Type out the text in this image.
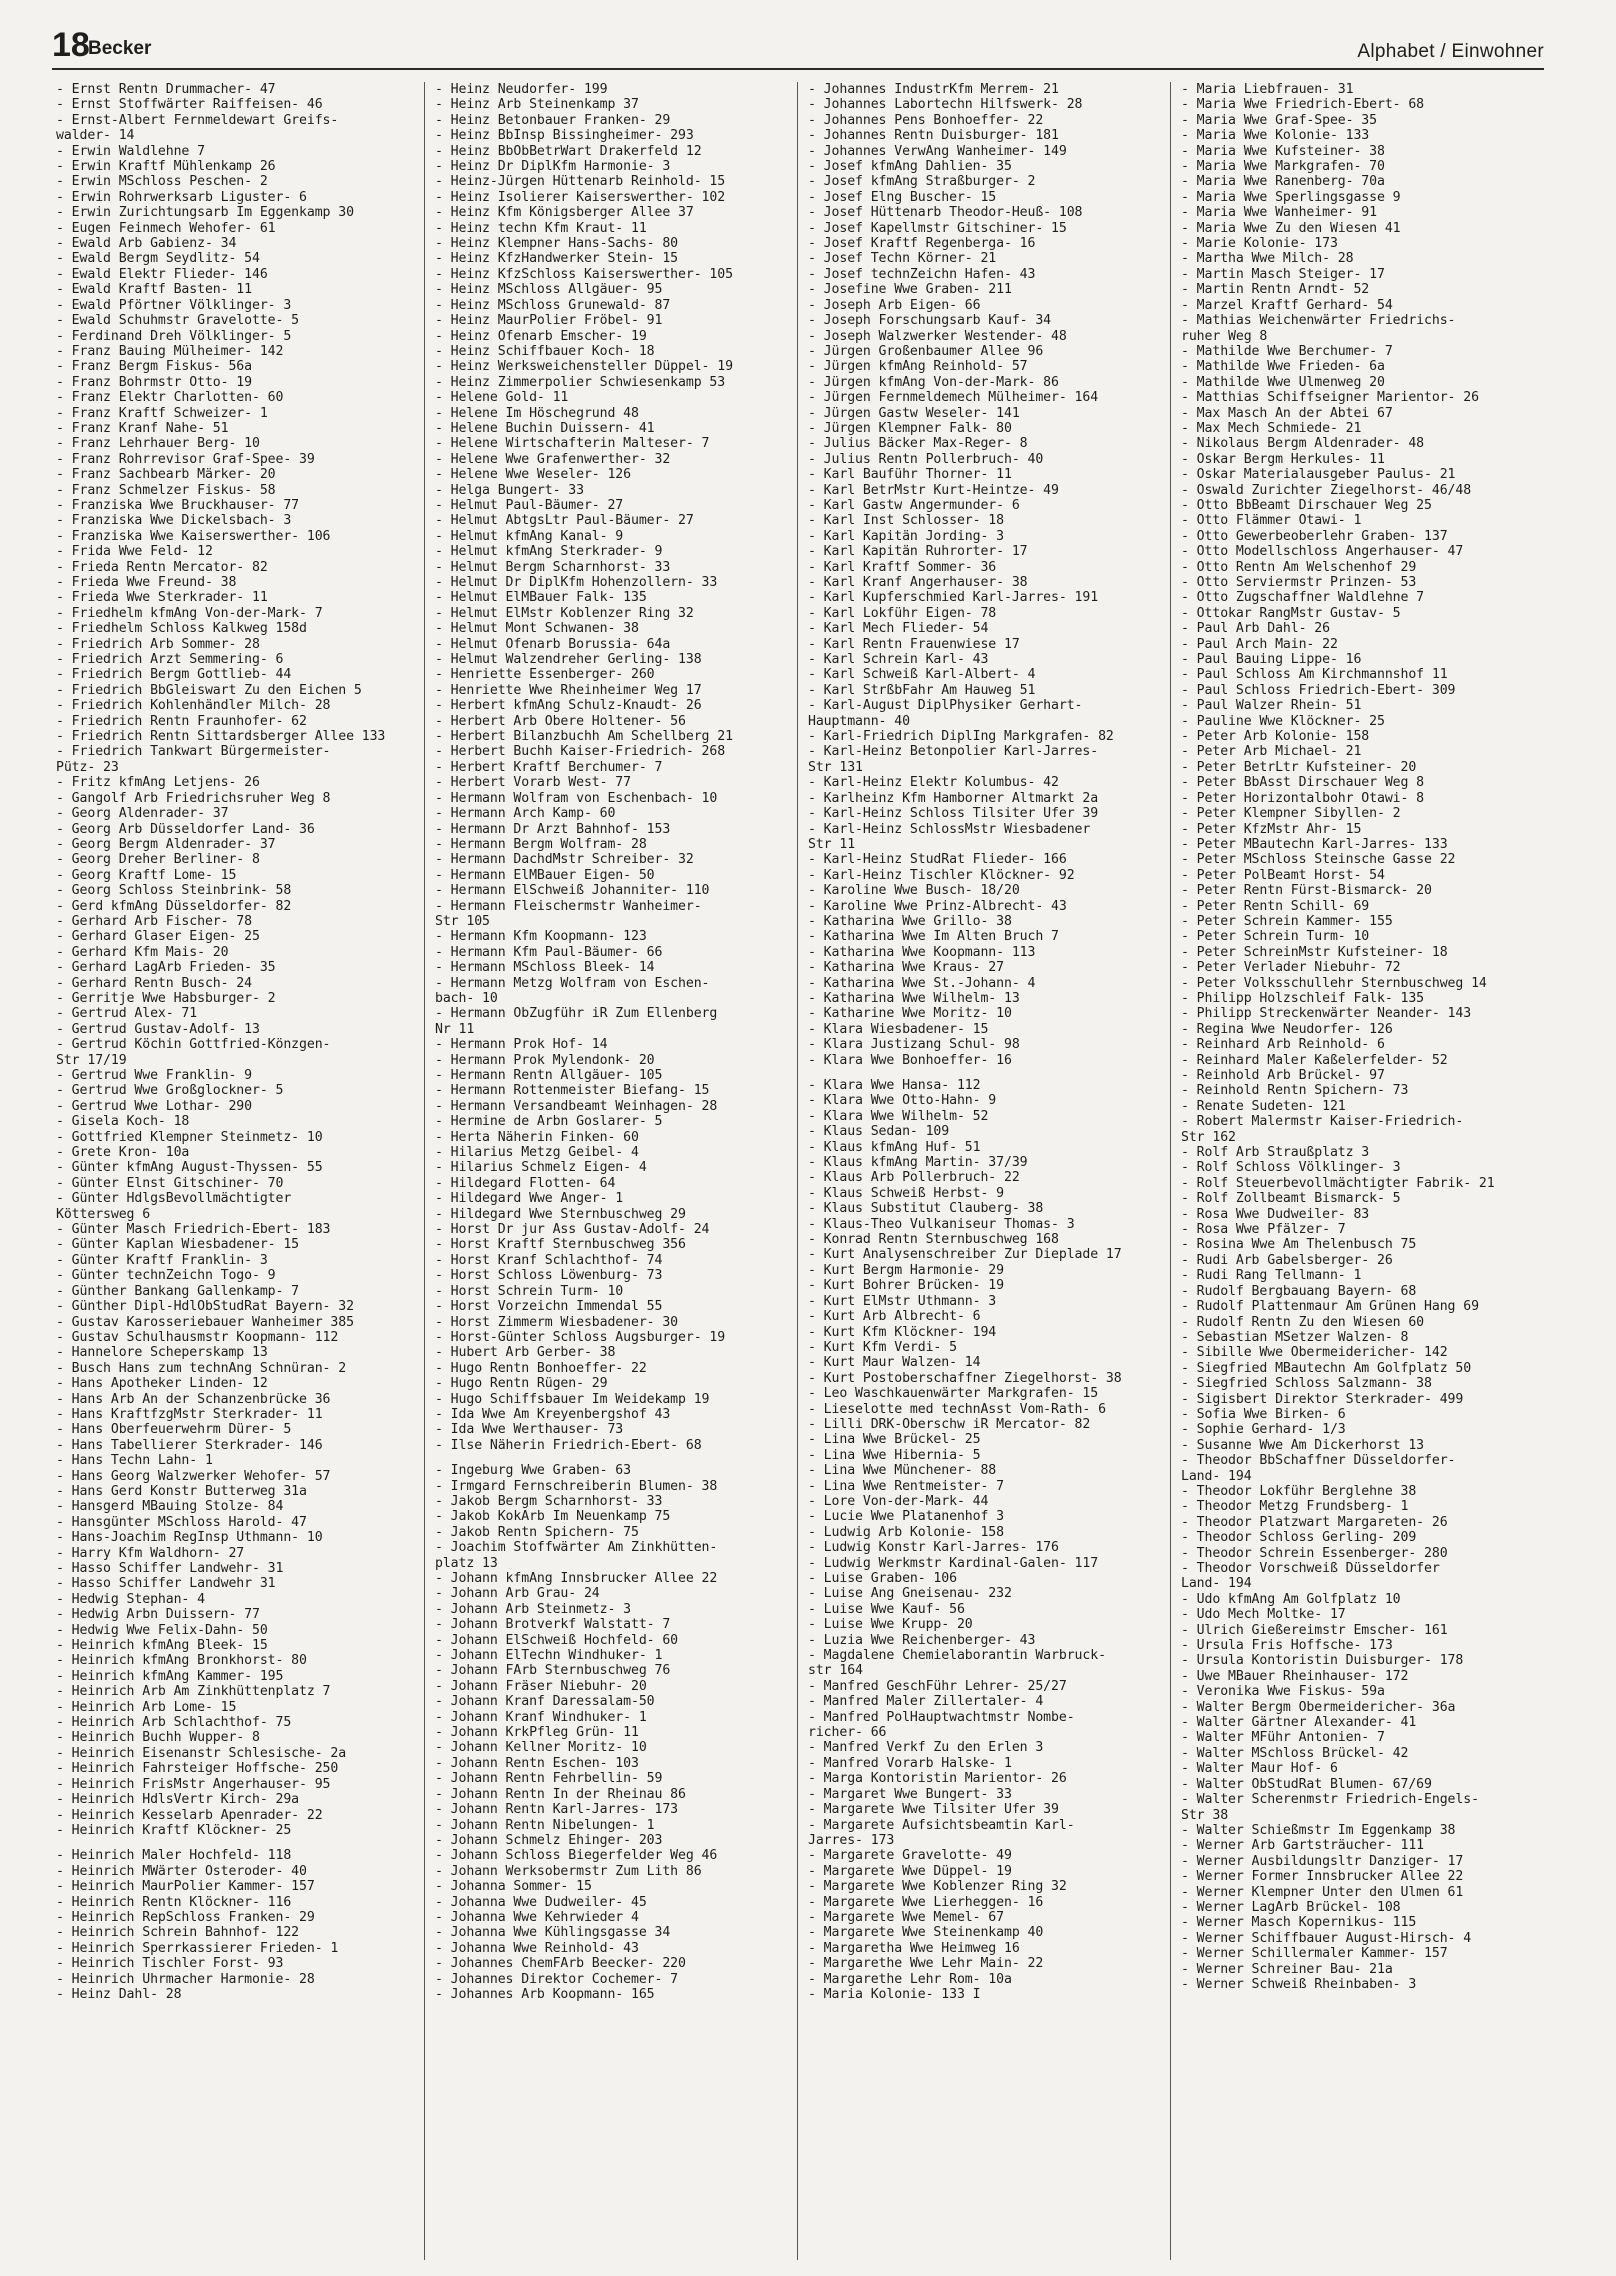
18
Becker	Alphabet / Einwohner
- Ernst Rentn Drummacher- 47
- Ernst Stoffwärter Raiffeisen- 46
- Ernst-Albert Fernmeldewart Greifs-
walder- 14
- Erwin Waldlehne 7
- Erwin Kraftf Mühlenkamp 26
- Erwin MSchloss Peschen- 2
- Erwin Rohrwerksarb Liguster- 6
- Erwin Zurichtungsarb Im Eggenkamp 30
- Eugen Feinmech Wehofer- 61
- Ewald Arb Gabienz- 34
- Ewald Bergm Seydlitz- 54
- Ewald Elektr Flieder- 146
- Ewald Kraftf Basten- 11
- Ewald Pförtner Völklinger- 3
- Ewald Schuhmstr Gravelotte- 5
- Ferdinand Dreh Völklinger- 5
- Franz Bauing Mülheimer- 142
- Franz Bergm Fiskus- 56a
- Franz Bohrmstr Otto- 19
- Franz Elektr Charlotten- 60
- Franz Kraftf Schweizer- 1
- Franz Kranf Nahe- 51
- Franz Lehrhauer Berg- 10
- Franz Rohrrevisor Graf-Spee- 39
- Franz Sachbearb Märker- 20
- Franz Schmelzer Fiskus- 58
- Franziska Wwe Bruckhauser- 77
- Franziska Wwe Dickelsbach- 3
- Franziska Wwe Kaiserswerther- 106
- Frida Wwe Feld- 12
- Frieda Rentn Mercator- 82
- Frieda Wwe Freund- 38
- Frieda Wwe Sterkrader- 11
- Friedhelm kfmAng Von-der-Mark- 7
- Friedhelm Schloss Kalkweg 158d
- Friedrich Arb Sommer- 28
- Friedrich Arzt Semmering- 6
- Friedrich Bergm Gottlieb- 44
- Friedrich BbGleiswart Zu den Eichen 5
- Friedrich Kohlenhändler Milch- 28
- Friedrich Rentn Fraunhofer- 62
- Friedrich Rentn Sittardsberger Allee 133
- Friedrich Tankwart Bürgermeister-
Pütz- 23
- Fritz kfmAng Letjens- 26
- Gangolf Arb Friedrichsruher Weg 8
- Georg Aldenrader- 37
- Georg Arb Düsseldorfer Land- 36
- Georg Bergm Aldenrader- 37
- Georg Dreher Berliner- 8
- Georg Kraftf Lome- 15
- Georg Schloss Steinbrink- 58
- Gerd kfmAng Düsseldorfer- 82
- Gerhard Arb Fischer- 78
- Gerhard Glaser Eigen- 25
- Gerhard Kfm Mais- 20
- Gerhard LagArb Frieden- 35
- Gerhard Rentn Busch- 24
- Gerritje Wwe Habsburger- 2
- Gertrud Alex- 71
- Gertrud Gustav-Adolf- 13
- Gertrud Köchin Gottfried-Könzgen-
Str 17/19
- Gertrud Wwe Franklin- 9
- Gertrud Wwe Großglockner- 5
- Gertrud Wwe Lothar- 290
- Gisela Koch- 18
- Gottfried Klempner Steinmetz- 10
- Grete Kron- 10a
- Günter kfmAng August-Thyssen- 55
- Günter Elnst Gitschiner- 70
- Günter HdlgsBevollmächtigter
Köttersweg 6
- Günter Masch Friedrich-Ebert- 183
- Günter Kaplan Wiesbadener- 15
- Günter Kraftf Franklin- 3
- Günter technZeichn Togo- 9
- Günther Bankang Gallenkamp- 7
- Günther Dipl-HdlObStudRat Bayern- 32
- Gustav Karosseriebauer Wanheimer 385
- Gustav Schulhausmstr Koopmann- 112
- Hannelore Scheperskamp 13
- Busch Hans zum technAng Schnüran- 2
- Hans Apotheker Linden- 12
- Hans Arb An der Schanzenbrücke 36
- Hans KraftfzgMstr Sterkrader- 11
- Hans Oberfeuerwehrm Dürer- 5
- Hans Tabellierer Sterkrader- 146
- Hans Techn Lahn- 1
- Hans Georg Walzwerker Wehofer- 57
- Hans Gerd Konstr Butterweg 31a
- Hansgerd MBauing Stolze- 84
- Hansgünter MSchloss Harold- 47
- Hans-Joachim RegInsp Uthmann- 10
- Harry Kfm Waldhorn- 27
- Hasso Schiffer Landwehr- 31
- Hasso Schiffer Landwehr 31
- Hedwig Stephan- 4
- Hedwig Arbn Duissern- 77
- Hedwig Wwe Felix-Dahn- 50
- Heinrich kfmAng Bleek- 15
- Heinrich kfmAng Bronkhorst- 80
- Heinrich kfmAng Kammer- 195
- Heinrich Arb Am Zinkhüttenplatz 7
- Heinrich Arb Lome- 15
- Heinrich Arb Schlachthof- 75
- Heinrich Buchh Wupper- 8
- Heinrich Eisenanstr Schlesische- 2a
- Heinrich Fahrsteiger Hoffsche- 250
- Heinrich FrisMstr Angerhauser- 95
- Heinrich HdlsVertr Kirch- 29a
- Heinrich Kesselarb Apenrader- 22
- Heinrich Kraftf Klöckner- 25
- Heinrich Maler Hochfeld- 118
- Heinrich MWärter Osteroder- 40
- Heinrich MaurPolier Kammer- 157
- Heinrich Rentn Klöckner- 116
- Heinrich RepSchloss Franken- 29
- Heinrich Schrein Bahnhof- 122
- Heinrich Sperrkassierer Frieden- 1
- Heinrich Tischler Forst- 93
- Heinrich Uhrmacher Harmonie- 28
- Heinz Dahl- 28
- Heinz Neudorfer- 199
- Heinz Arb Steinenkamp 37
- Heinz Betonbauer Franken- 29
- Heinz BbInsp Bissingheimer- 293
- Heinz BbObBetrWart Drakerfeld 12
- Heinz Dr DiplKfm Harmonie- 3
- Heinz-Jürgen Hüttenarb Reinhold- 15
- Heinz Isolierer Kaiserswerther- 102
- Heinz Kfm Königsberger Allee 37
- Heinz techn Kfm Kraut- 11
- Heinz Klempner Hans-Sachs- 80
- Heinz KfzHandwerker Stein- 15
- Heinz KfzSchloss Kaiserswerther- 105
- Heinz MSchloss Allgäuer- 95
- Heinz MSchloss Grunewald- 87
- Heinz MaurPolier Fröbel- 91
- Heinz Ofenarb Emscher- 19
- Heinz Schiffbauer Koch- 18
- Heinz Werksweichensteller Düppel- 19
- Heinz Zimmerpolier Schwiesenkamp 53
- Helene Gold- 11
- Helene Im Höschegrund 48
- Helene Buchin Duissern- 41
- Helene Wirtschafterin Malteser- 7
- Helene Wwe Grafenwerther- 32
- Helene Wwe Weseler- 126
- Helga Bungert- 33
- Helmut Paul-Bäumer- 27
- Helmut AbtgsLtr Paul-Bäumer- 27
- Helmut kfmAng Kanal- 9
- Helmut kfmAng Sterkrader- 9
- Helmut Bergm Scharnhorst- 33
- Helmut Dr DiplKfm Hohenzollern- 33
- Helmut ElMBauer Falk- 135
- Helmut ElMstr Koblenzer Ring 32
- Helmut Mont Schwanen- 38
- Helmut Ofenarb Borussia- 64a
- Helmut Walzendreher Gerling- 138
- Henriette Essenberger- 260
- Henriette Wwe Rheinheimer Weg 17
- Herbert kfmAng Schulz-Knaudt- 26
- Herbert Arb Obere Holtener- 56
- Herbert Bilanzbuchh Am Schellberg 21
- Herbert Buchh Kaiser-Friedrich- 268
- Herbert Kraftf Berchumer- 7
- Herbert Vorarb West- 77
- Hermann Wolfram von Eschenbach- 10
- Hermann Arch Kamp- 60
- Hermann Dr Arzt Bahnhof- 153
- Hermann Bergm Wolfram- 28
- Hermann DachdMstr Schreiber- 32
- Hermann ElMBauer Eigen- 50
- Hermann ElSchweiß Johanniter- 110
- Hermann Fleischermstr Wanheimer-
Str 105
- Hermann Kfm Koopmann- 123
- Hermann Kfm Paul-Bäumer- 66
- Hermann MSchloss Bleek- 14
- Hermann Metzg Wolfram von Eschen-
bach- 10
- Hermann ObZugführ iR Zum Ellenberg
Nr 11
- Hermann Prok Hof- 14
- Hermann Prok Mylendonk- 20
- Hermann Rentn Allgäuer- 105
- Hermann Rottenmeister Biefang- 15
- Hermann Versandbeamt Weinhagen- 28
- Hermine de Arbn Goslarer- 5
- Herta Näherin Finken- 60
- Hilarius Metzg Geibel- 4
- Hilarius Schmelz Eigen- 4
- Hildegard Flotten- 64
- Hildegard Wwe Anger- 1
- Hildegard Wwe Sternbuschweg 29
- Horst Dr jur Ass Gustav-Adolf- 24
- Horst Kraftf Sternbuschweg 356
- Horst Kranf Schlachthof- 74
- Horst Schloss Löwenburg- 73
- Horst Schrein Turm- 10
- Horst Vorzeichn Immendal 55
- Horst Zimmerm Wiesbadener- 30
- Horst-Günter Schloss Augsburger- 19
- Hubert Arb Gerber- 38
- Hugo Rentn Bonhoeffer- 22
- Hugo Rentn Rügen- 29
- Hugo Schiffsbauer Im Weidekamp 19
- Ida Wwe Am Kreyenbergshof 43
- Ida Wwe Werthauser- 73
- Ilse Näherin Friedrich-Ebert- 68
- Ingeburg Wwe Graben- 63
- Irmgard Fernschreiberin Blumen- 38
- Jakob Bergm Scharnhorst- 33
- Jakob KokArb Im Neuenkamp 75
- Jakob Rentn Spichern- 75
- Joachim Stoffwärter Am Zinkhütten-
platz 13
- Johann kfmAng Innsbrucker Allee 22
- Johann Arb Grau- 24
- Johann Arb Steinmetz- 3
- Johann Brotverkf Walstatt- 7
- Johann ElSchweiß Hochfeld- 60
- Johann ElTechn Windhuker- 1
- Johann FArb Sternbuschweg 76
- Johann Fräser Niebuhr- 20
- Johann Kranf Daressalam-50
- Johann Kranf Windhuker- 1
- Johann KrkPfleg Grün- 11
- Johann Kellner Moritz- 10
- Johann Rentn Eschen- 103
- Johann Rentn Fehrbellin- 59
- Johann Rentn In der Rheinau 86
- Johann Rentn Karl-Jarres- 173
- Johann Rentn Nibelungen- 1
- Johann Schmelz Ehinger- 203
- Johann Schloss Biegerfelder Weg 46
- Johann Werksobermstr Zum Lith 86
- Johanna Sommer- 15
- Johanna Wwe Dudweiler- 45
- Johanna Wwe Kehrwieder 4
- Johanna Wwe Kühlingsgasse 34
- Johanna Wwe Reinhold- 43
- Johannes ChemFArb Beecker- 220
- Johannes Direktor Cochemer- 7
- Johannes Arb Koopmann- 165
- Johannes IndustrKfm Merrem- 21
- Johannes Labortechn Hilfswerk- 28
- Johannes Pens Bonhoeffer- 22
- Johannes Rentn Duisburger- 181
- Johannes VerwAng Wanheimer- 149
- Josef kfmAng Dahlien- 35
- Josef kfmAng Straßburger- 2
- Josef Elng Buscher- 15
- Josef Hüttenarb Theodor-Heuß- 108
- Josef Kapellmstr Gitschiner- 15
- Josef Kraftf Regenberga- 16
- Josef Techn Körner- 21
- Josef technZeichn Hafen- 43
- Josefine Wwe Graben- 211
- Joseph Arb Eigen- 66
- Joseph Forschungsarb Kauf- 34
- Joseph Walzwerker Westender- 48
- Jürgen Großenbaumer Allee 96
- Jürgen kfmAng Reinhold- 57
- Jürgen kfmAng Von-der-Mark- 86
- Jürgen Fernmeldemech Mülheimer- 164
- Jürgen Gastw Weseler- 141
- Jürgen Klempner Falk- 80
- Julius Bäcker Max-Reger- 8
- Julius Rentn Pollerbruch- 40
- Karl Bauführ Thorner- 11
- Karl BetrMstr Kurt-Heintze- 49
- Karl Gastw Angermunder- 6
- Karl Inst Schlosser- 18
- Karl Kapitän Jording- 3
- Karl Kapitän Ruhrorter- 17
- Karl Kraftf Sommer- 36
- Karl Kranf Angerhauser- 38
- Karl Kupferschmied Karl-Jarres- 191
- Karl Lokführ Eigen- 78
- Karl Mech Flieder- 54
- Karl Rentn Frauenwiese 17
- Karl Schrein Karl- 43
- Karl Schweiß Karl-Albert- 4
- Karl StrßbFahr Am Hauweg 51
- Karl-August DiplPhysiker Gerhart-
Hauptmann- 40
- Karl-Friedrich DiplIng Markgrafen- 82
- Karl-Heinz Betonpolier Karl-Jarres-
Str 131
- Karl-Heinz Elektr Kolumbus- 42
- Karlheinz Kfm Hamborner Altmarkt 2a
- Karl-Heinz Schloss Tilsiter Ufer 39
- Karl-Heinz SchlossMstr Wiesbadener
Str 11
- Karl-Heinz StudRat Flieder- 166
- Karl-Heinz Tischler Klöckner- 92
- Karoline Wwe Busch- 18/20
- Karoline Wwe Prinz-Albrecht- 43
- Katharina Wwe Grillo- 38
- Katharina Wwe Im Alten Bruch 7
- Katharina Wwe Koopmann- 113
- Katharina Wwe Kraus- 27
- Katharina Wwe St.-Johann- 4
- Katharina Wwe Wilhelm- 13
- Katharine Wwe Moritz- 10
- Klara Wiesbadener- 15
- Klara Justizang Schul- 98
- Klara Wwe Bonhoeffer- 16
- Klara Wwe Hansa- 112
- Klara Wwe Otto-Hahn- 9
- Klara Wwe Wilhelm- 52
- Klaus Sedan- 109
- Klaus kfmAng Huf- 51
- Klaus kfmAng Martin- 37/39
- Klaus Arb Pollerbruch- 22
- Klaus Schweiß Herbst- 9
- Klaus Substitut Clauberg- 38
- Klaus-Theo Vulkaniseur Thomas- 3
- Konrad Rentn Sternbuschweg 168
- Kurt Analysenschreiber Zur Dieplade 17
- Kurt Bergm Harmonie- 29
- Kurt Bohrer Brücken- 19
- Kurt ElMstr Uthmann- 3
- Kurt Arb Albrecht- 6
- Kurt Kfm Klöckner- 194
- Kurt Kfm Verdi- 5
- Kurt Maur Walzen- 14
- Kurt Postoberschaffner Ziegelhorst- 38
- Leo Waschkauenwärter Markgrafen- 15
- Lieselotte med technAsst Vom-Rath- 6
- Lilli DRK-Oberschw iR Mercator- 82
- Lina Wwe Brückel- 25
- Lina Wwe Hibernia- 5
- Lina Wwe Münchener- 88
- Lina Wwe Rentmeister- 7
- Lore Von-der-Mark- 44
- Lucie Wwe Platanenhof 3
- Ludwig Arb Kolonie- 158
- Ludwig Konstr Karl-Jarres- 176
- Ludwig Werkmstr Kardinal-Galen- 117
- Luise Graben- 106
- Luise Ang Gneisenau- 232
- Luise Wwe Kauf- 56
- Luise Wwe Krupp- 20
- Luzia Wwe Reichenberger- 43
- Magdalene Chemielaborantin Warbruck-
str 164
- Manfred GeschFühr Lehrer- 25/27
- Manfred Maler Zillertaler- 4
- Manfred PolHauptwachtmstr Nombe-
richer- 66
- Manfred Verkf Zu den Erlen 3
- Manfred Vorarb Halske- 1
- Marga Kontoristin Marientor- 26
- Margaret Wwe Bungert- 33
- Margarete Wwe Tilsiter Ufer 39
- Margarete Aufsichtsbeamtin Karl-
Jarres- 173
- Margarete Gravelotte- 49
- Margarete Wwe Düppel- 19
- Margarete Wwe Koblenzer Ring 32
- Margarete Wwe Lierheggen- 16
- Margarete Wwe Memel- 67
- Margarete Wwe Steinenkamp 40
- Margaretha Wwe Heimweg 16
- Margarethe Wwe Lehr Main- 22
- Margarethe Lehr Rom- 10a
- Maria Kolonie- 133 I
- Maria Liebfrauen- 31
- Maria Wwe Friedrich-Ebert- 68
- Maria Wwe Graf-Spee- 35
- Maria Wwe Kolonie- 133
- Maria Wwe Kufsteiner- 38
- Maria Wwe Markgrafen- 70
- Maria Wwe Ranenberg- 70a
- Maria Wwe Sperlingsgasse 9
- Maria Wwe Wanheimer- 91
- Maria Wwe Zu den Wiesen 41
- Marie Kolonie- 173
- Martha Wwe Milch- 28
- Martin Masch Steiger- 17
- Martin Rentn Arndt- 52
- Marzel Kraftf Gerhard- 54
- Mathias Weichenwärter Friedrichs-
ruher Weg 8
- Mathilde Wwe Berchumer- 7
- Mathilde Wwe Frieden- 6a
- Mathilde Wwe Ulmenweg 20
- Matthias Schiffseigner Marientor- 26
- Max Masch An der Abtei 67
- Max Mech Schmiede- 21
- Nikolaus Bergm Aldenrader- 48
- Oskar Bergm Herkules- 11
- Oskar Materialausgeber Paulus- 21
- Oswald Zurichter Ziegelhorst- 46/48
- Otto BbBeamt Dirschauer Weg 25
- Otto Flämmer Otawi- 1
- Otto Gewerbeoberlehr Graben- 137
- Otto Modellschloss Angerhauser- 47
- Otto Rentn Am Welschenhof 29
- Otto Serviermstr Prinzen- 53
- Otto Zugschaffner Waldlehne 7
- Ottokar RangMstr Gustav- 5
- Paul Arb Dahl- 26
- Paul Arch Main- 22
- Paul Bauing Lippe- 16
- Paul Schloss Am Kirchmannshof 11
- Paul Schloss Friedrich-Ebert- 309
- Paul Walzer Rhein- 51
- Pauline Wwe Klöckner- 25
- Peter Arb Kolonie- 158
- Peter Arb Michael- 21
- Peter BetrLtr Kufsteiner- 20
- Peter BbAsst Dirschauer Weg 8
- Peter Horizontalbohr Otawi- 8
- Peter Klempner Sibyllen- 2
- Peter KfzMstr Ahr- 15
- Peter MBautechn Karl-Jarres- 133
- Peter MSchloss Steinsche Gasse 22
- Peter PolBeamt Horst- 54
- Peter Rentn Fürst-Bismarck- 20
- Peter Rentn Schill- 69
- Peter Schrein Kammer- 155
- Peter Schrein Turm- 10
- Peter SchreinMstr Kufsteiner- 18
- Peter Verlader Niebuhr- 72
- Peter Volksschullehr Sternbuschweg 14
- Philipp Holzschleif Falk- 135
- Philipp Streckenwärter Neander- 143
- Regina Wwe Neudorfer- 126
- Reinhard Arb Reinhold- 6
- Reinhard Maler Kaßelerfelder- 52
- Reinhold Arb Brückel- 97
- Reinhold Rentn Spichern- 73
- Renate Sudeten- 121
- Robert Malermstr Kaiser-Friedrich-
Str 162
- Rolf Arb Straußplatz 3
- Rolf Schloss Völklinger- 3
- Rolf Steuerbevollmächtigter Fabrik- 21
- Rolf Zollbeamt Bismarck- 5
- Rosa Wwe Dudweiler- 83
- Rosa Wwe Pfälzer- 7
- Rosina Wwe Am Thelenbusch 75
- Rudi Arb Gabelsberger- 26
- Rudi Rang Tellmann- 1
- Rudolf Bergbauang Bayern- 68
- Rudolf Plattenmaur Am Grünen Hang 69
- Rudolf Rentn Zu den Wiesen 60
- Sebastian MSetzer Walzen- 8
- Sibille Wwe Obermeidericher- 142
- Siegfried MBautechn Am Golfplatz 50
- Siegfried Schloss Salzmann- 38
- Sigisbert Direktor Sterkrader- 499
- Sofia Wwe Birken- 6
- Sophie Gerhard- 1/3
- Susanne Wwe Am Dickerhorst 13
- Theodor BbSchaffner Düsseldorfer-
Land- 194
- Theodor Lokführ Berglehne 38
- Theodor Metzg Frundsberg- 1
- Theodor Platzwart Margareten- 26
- Theodor Schloss Gerling- 209
- Theodor Schrein Essenberger- 280
- Theodor Vorschweiß Düsseldorfer
Land- 194
- Udo kfmAng Am Golfplatz 10
- Udo Mech Moltke- 17
- Ulrich Gießereimstr Emscher- 161
- Ursula Fris Hoffsche- 173
- Ursula Kontoristin Duisburger- 178
- Uwe MBauer Rheinhauser- 172
- Veronika Wwe Fiskus- 59a
- Walter Bergm Obermeidericher- 36a
- Walter Gärtner Alexander- 41
- Walter MFühr Antonien- 7
- Walter MSchloss Brückel- 42
- Walter Maur Hof- 6
- Walter ObStudRat Blumen- 67/69
- Walter Scherenmstr Friedrich-Engels-
Str 38
- Walter Schießmstr Im Eggenkamp 38
- Werner Arb Gartsträucher- 111
- Werner Ausbildungsltr Danziger- 17
- Werner Former Innsbrucker Allee 22
- Werner Klempner Unter den Ulmen 61
- Werner LagArb Brückel- 108
- Werner Masch Kopernikus- 115
- Werner Schiffbauer August-Hirsch- 4
- Werner Schillermaler Kammer- 157
- Werner Schreiner Bau- 21a
- Werner Schweiß Rheinbaben- 3
